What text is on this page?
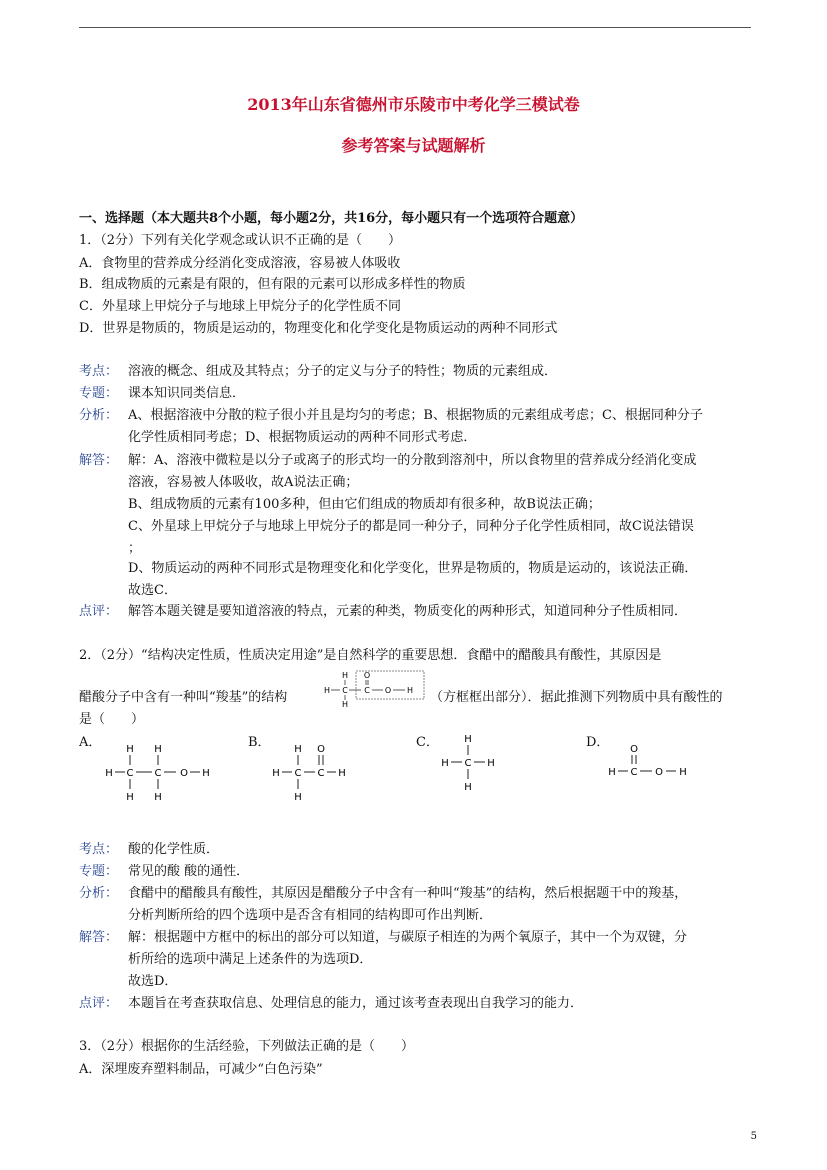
2013年山东省德州市乐陵市中考化学三模试卷
参考答案与试题解析
一、选择题（本大题共8个小题，每小题2分，共16分，每小题只有一个选项符合题意）
1．（2分）下列有关化学观念或认识不正确的是（　　）
A．食物里的营养成分经消化变成溶液，容易被人体吸收
B．组成物质的元素是有限的，但有限的元素可以形成多样性的物质
C．外星球上甲烷分子与地球上甲烷分子的化学性质不同
D．世界是物质的，物质是运动的，物理变化和化学变化是物质运动的两种不同形式
考点： 溶液的概念、组成及其特点；分子的定义与分子的特性；物质的元素组成．
专题： 课本知识同类信息．
分析： A、根据溶液中分散的粒子很小并且是均匀的考虑；B、根据物质的元素组成考虑；C、根据同种分子
化学性质相同考虑；D、根据物质运动的两种不同形式考虑．
解答： 解：A、溶液中微粒是以分子或离子的形式均一的分散到溶剂中，所以食物里的营养成分经消化变成
溶液，容易被人体吸收，故A说法正确；
B、组成物质的元素有100多种，但由它们组成的物质却有很多种，故B说法正确；
C、外星球上甲烷分子与地球上甲烷分子的都是同一种分子，同种分子化学性质相同，故C说法错误
；
D、物质运动的两种不同形式是物理变化和化学变化，世界是物质的，物质是运动的，该说法正确．
故选C．
点评： 解答本题关键是要知道溶液的特点，元素的种类，物质变化的两种形式，知道同种分子性质相同．
2．（2分）“结构决定性质，性质决定用途”是自然科学的重要思想．食醋中的醋酸具有酸性，其原因是
醋酸分子中含有一种叫“羧基”的结构
H
H C
H
O
C O H （方框框出部分）．据此推测下列物质中具有酸性的
是（　　）
A．	B．	C．	D．
H H
H C C O H
H H
H O
H C C H
H
H
H C H
H
O
H C O H
考点： 酸的化学性质．
专题： 常见的酸 酸的通性．
分析： 食醋中的醋酸具有酸性，其原因是醋酸分子中含有一种叫“羧基”的结构，然后根据题干中的羧基，
分析判断所给的四个选项中是否含有相同的结构即可作出判断．
解答： 解：根据题中方框中的标出的部分可以知道，与碳原子相连的为两个氧原子，其中一个为双键，分
析所给的选项中满足上述条件的为选项D．
故选D．
点评： 本题旨在考查获取信息、处理信息的能力，通过该考查表现出自我学习的能力．
3．（2分）根据你的生活经验，下列做法正确的是（　　）
A．深埋废弃塑料制品，可减少“白色污染”
5
